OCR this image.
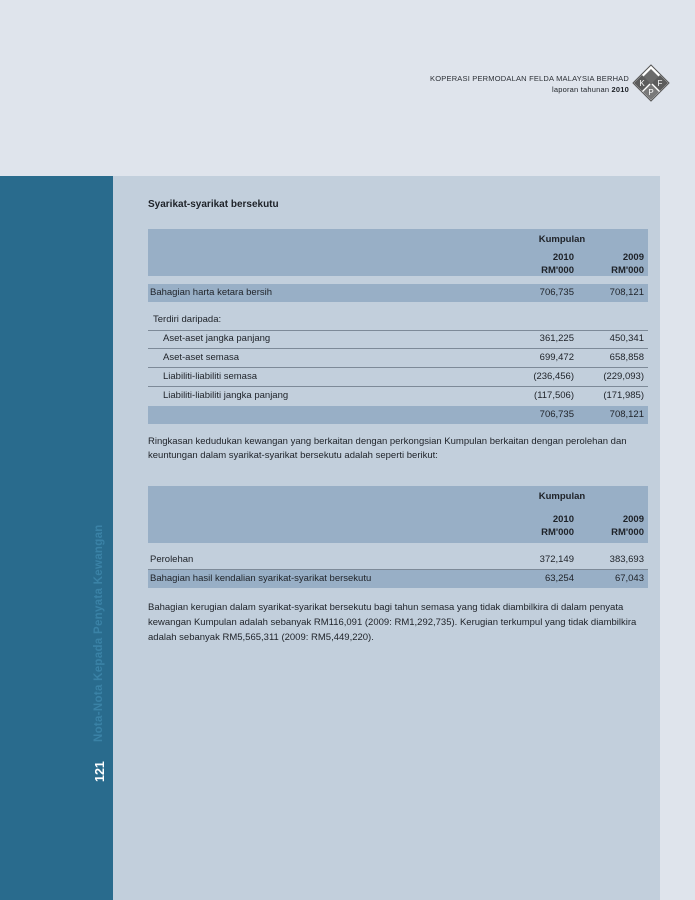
KOPERASI PERMODALAN FELDA MALAYSIA BERHAD
laporan tahunan 2010
K
P
F
Nota-Nota Kepada Penyata Kewangan
121
Syarikat-syarikat bersekutu
Kumpulan
2010
RM'000
2009
RM'000
Bahagian harta ketara bersih	706,735	708,121
Terdiri daripada:
Aset-aset jangka panjang	361,225	450,341
Aset-aset semasa	699,472	658,858
Liabiliti-liabiliti semasa	(236,456)	(229,093)
Liabiliti-liabiliti jangka panjang	(117,506)	(171,985)
706,735	708,121
Ringkasan kedudukan kewangan yang berkaitan dengan perkongsian Kumpulan berkaitan dengan perolehan dan keuntungan dalam syarikat-syarikat bersekutu adalah seperti berikut:
Kumpulan
2010
RM'000
2009
RM'000
Perolehan	372,149	383,693
Bahagian hasil kendalian syarikat-syarikat bersekutu	63,254	67,043
Bahagian kerugian dalam syarikat-syarikat bersekutu bagi tahun semasa yang tidak diambilkira di dalam penyata kewangan Kumpulan adalah sebanyak RM116,091 (2009: RM1,292,735). Kerugian terkumpul yang tidak diambilkira adalah sebanyak RM5,565,311 (2009: RM5,449,220).
